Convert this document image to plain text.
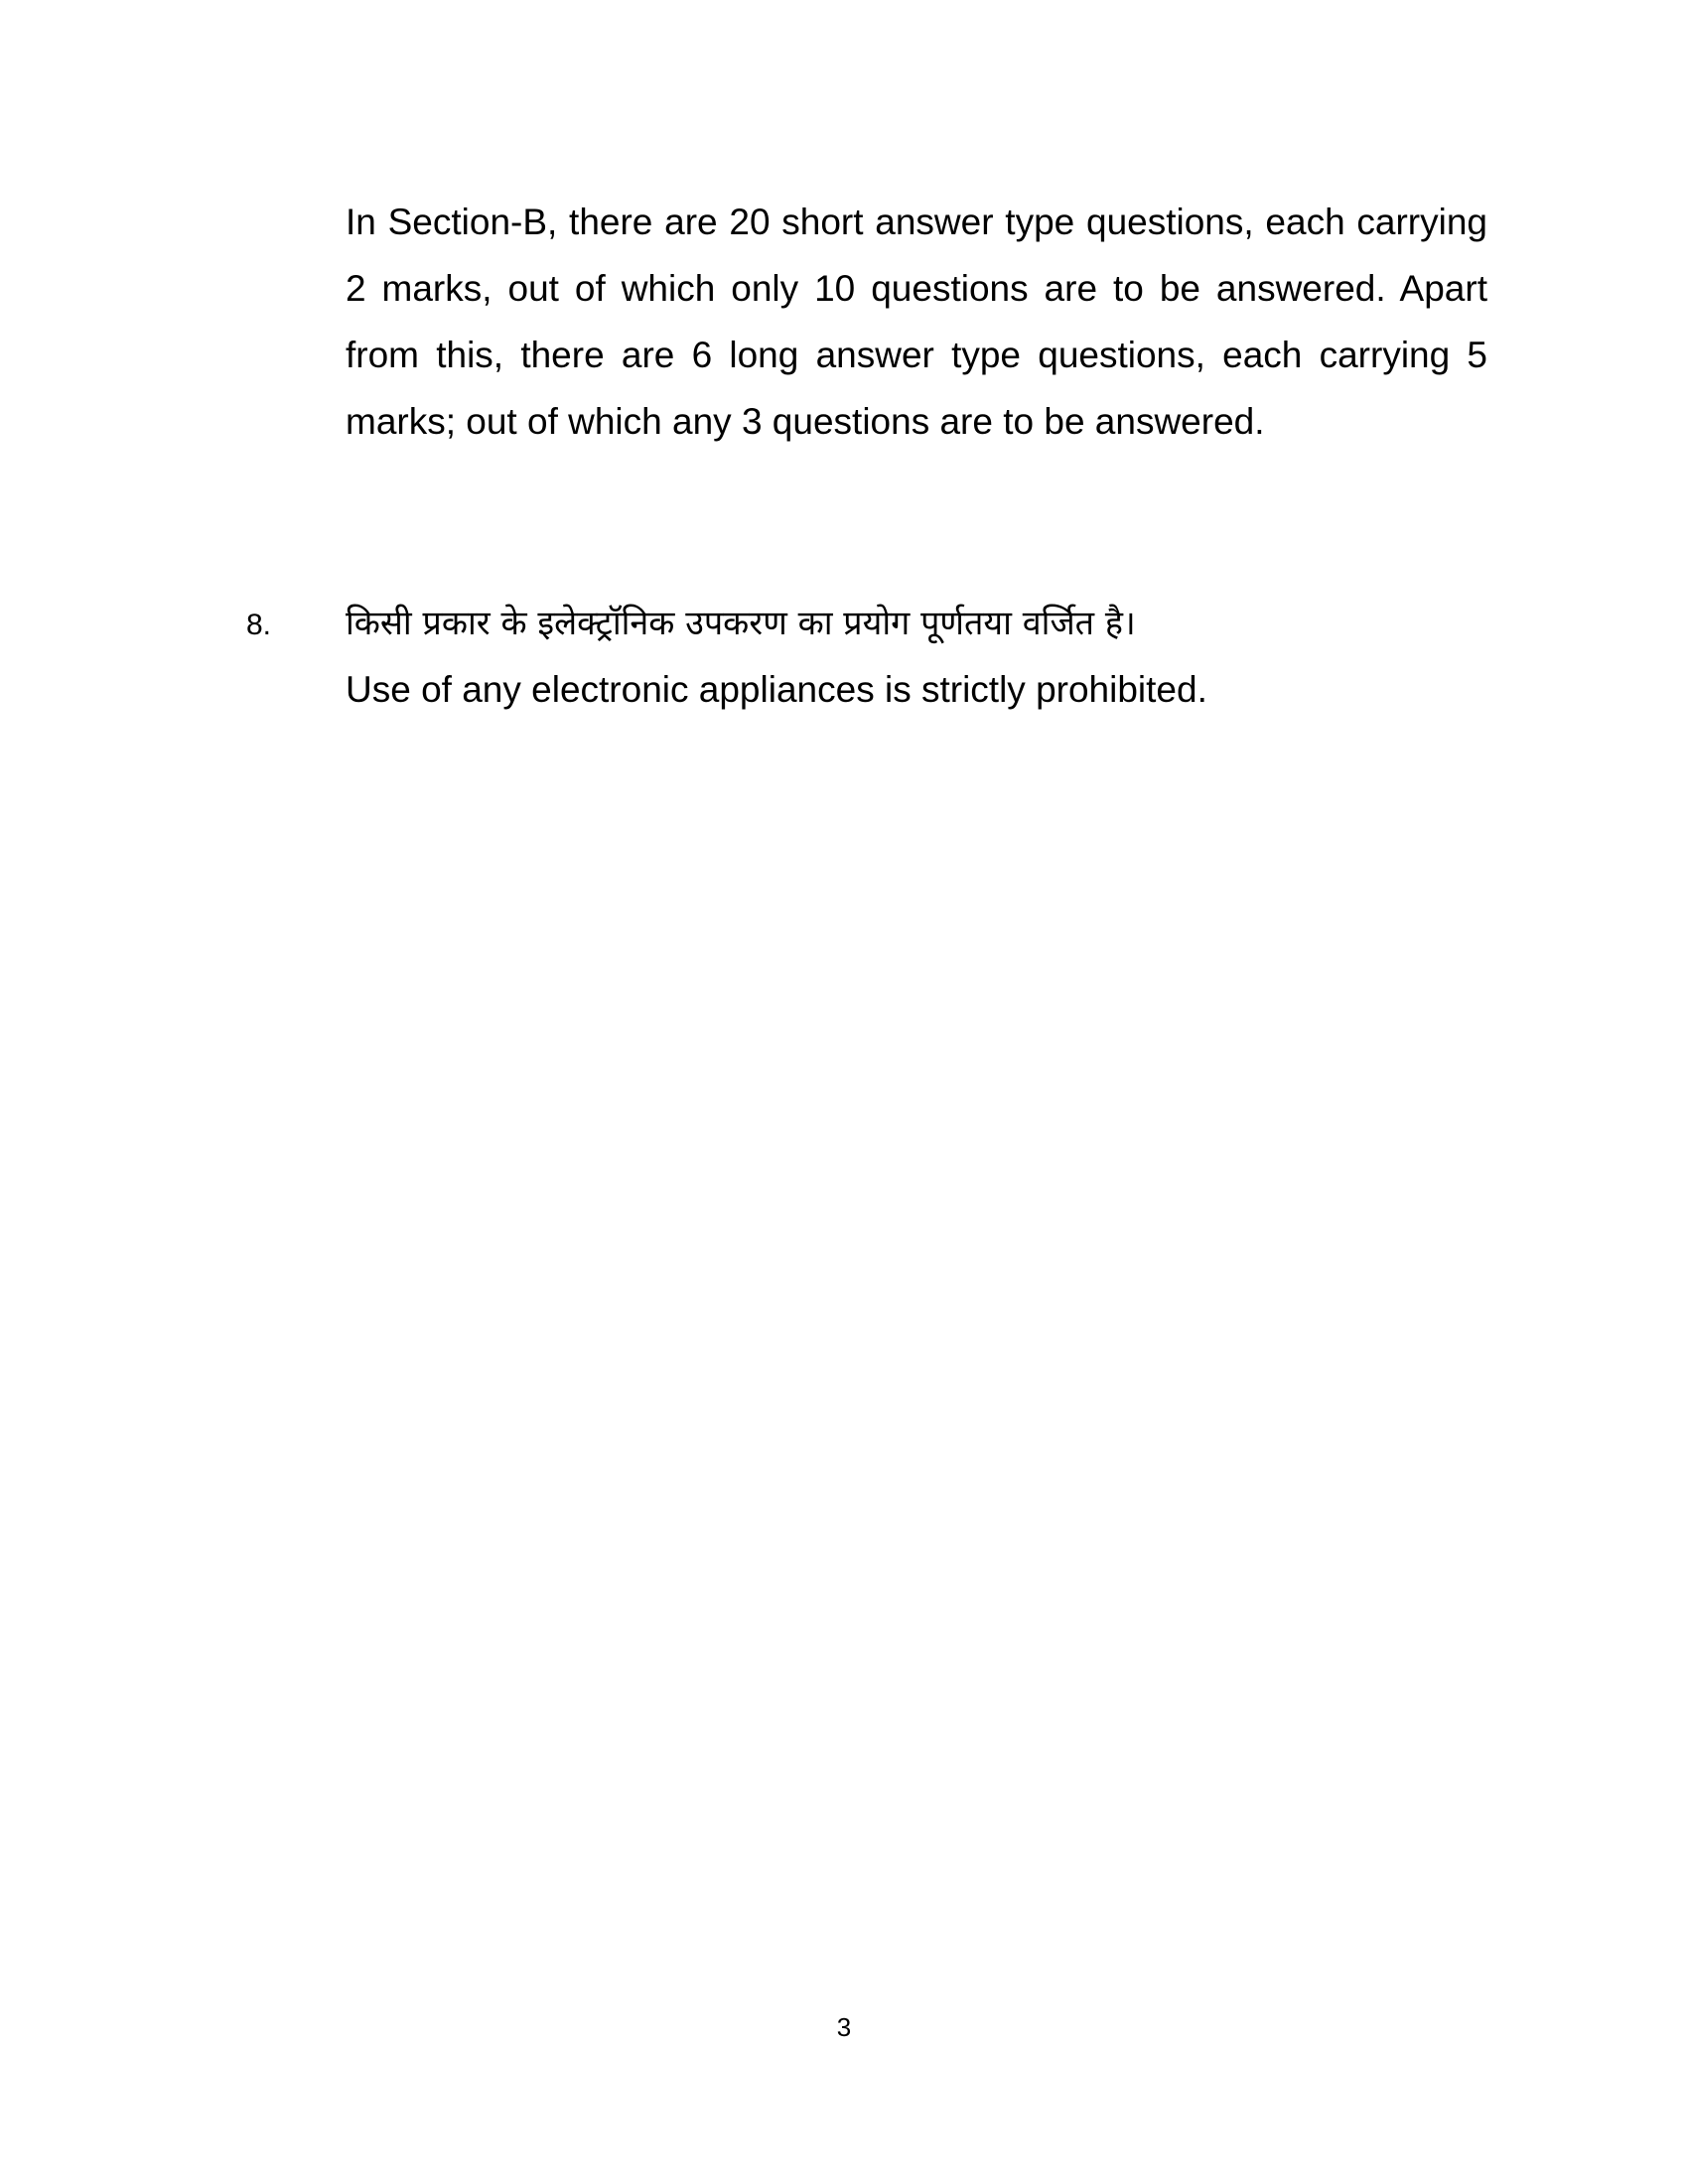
In Section-B, there are 20 short answer type questions, each carrying 2 marks, out of which only 10 questions are to be answered. Apart from this, there are 6 long answer type questions, each carrying 5 marks; out of which any 3 questions are to be answered.

8. किसी प्रकार के इलेक्ट्रॉनिक उपकरण का प्रयोग पूर्णतया वर्जित है।
Use of any electronic appliances is strictly prohibited.
3
